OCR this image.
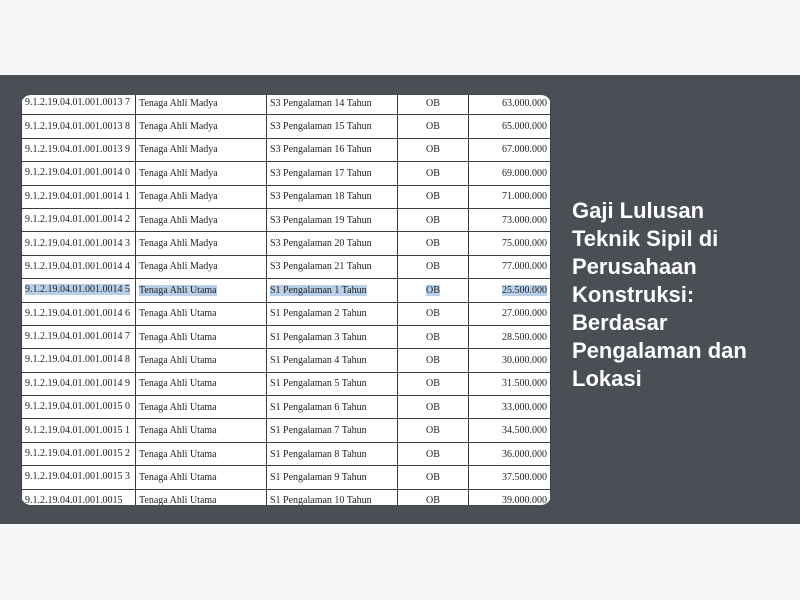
9.1.2.19.04.01.001.0013 7	Tenaga Ahli Madya	S3 Pengalaman 14 Tahun	OB	63.000.000
9.1.2.19.04.01.001.0013 8	Tenaga Ahli Madya	S3 Pengalaman 15 Tahun	OB	65.000.000
9.1.2.19.04.01.001.0013 9	Tenaga Ahli Madya	S3 Pengalaman 16 Tahun	OB	67.000.000
9.1.2.19.04.01.001.0014 0	Tenaga Ahli Madya	S3 Pengalaman 17 Tahun	OB	69.000.000
9.1.2.19.04.01.001.0014 1	Tenaga Ahli Madya	S3 Pengalaman 18 Tahun	OB	71.000.000
9.1.2.19.04.01.001.0014 2	Tenaga Ahli Madya	S3 Pengalaman 19 Tahun	OB	73.000.000
9.1.2.19.04.01.001.0014 3	Tenaga Ahli Madya	S3 Pengalaman 20 Tahun	OB	75.000.000
9.1.2.19.04.01.001.0014 4	Tenaga Ahli Madya	S3 Pengalaman 21 Tahun	OB	77.000.000
9.1.2.19.04.01.001.0014 5	Tenaga Ahli Utama	S1 Pengalaman 1 Tahun	OB	25.500.000
9.1.2.19.04.01.001.0014 6	Tenaga Ahli Utama	S1 Pengalaman 2 Tahun	OB	27.000.000
9.1.2.19.04.01.001.0014 7	Tenaga Ahli Utama	S1 Pengalaman 3 Tahun	OB	28.500.000
9.1.2.19.04.01.001.0014 8	Tenaga Ahli Utama	S1 Pengalaman 4 Tahun	OB	30.000.000
9.1.2.19.04.01.001.0014 9	Tenaga Ahli Utama	S1 Pengalaman 5 Tahun	OB	31.500.000
9.1.2.19.04.01.001.0015 0	Tenaga Ahli Utama	S1 Pengalaman 6 Tahun	OB	33.000.000
9.1.2.19.04.01.001.0015 1	Tenaga Ahli Utama	S1 Pengalaman 7 Tahun	OB	34.500.000
9.1.2.19.04.01.001.0015 2	Tenaga Ahli Utama	S1 Pengalaman 8 Tahun	OB	36.000.000
9.1.2.19.04.01.001.0015 3	Tenaga Ahli Utama	S1 Pengalaman 9 Tahun	OB	37.500.000
9.1.2.19.04.01.001.0015	Tenaga Ahli Utama	S1 Pengalaman 10 Tahun	OB	39.000.000
Gaji Lulusan Teknik Sipil di Perusahaan Konstruksi: Berdasar Pengalaman dan Lokasi
